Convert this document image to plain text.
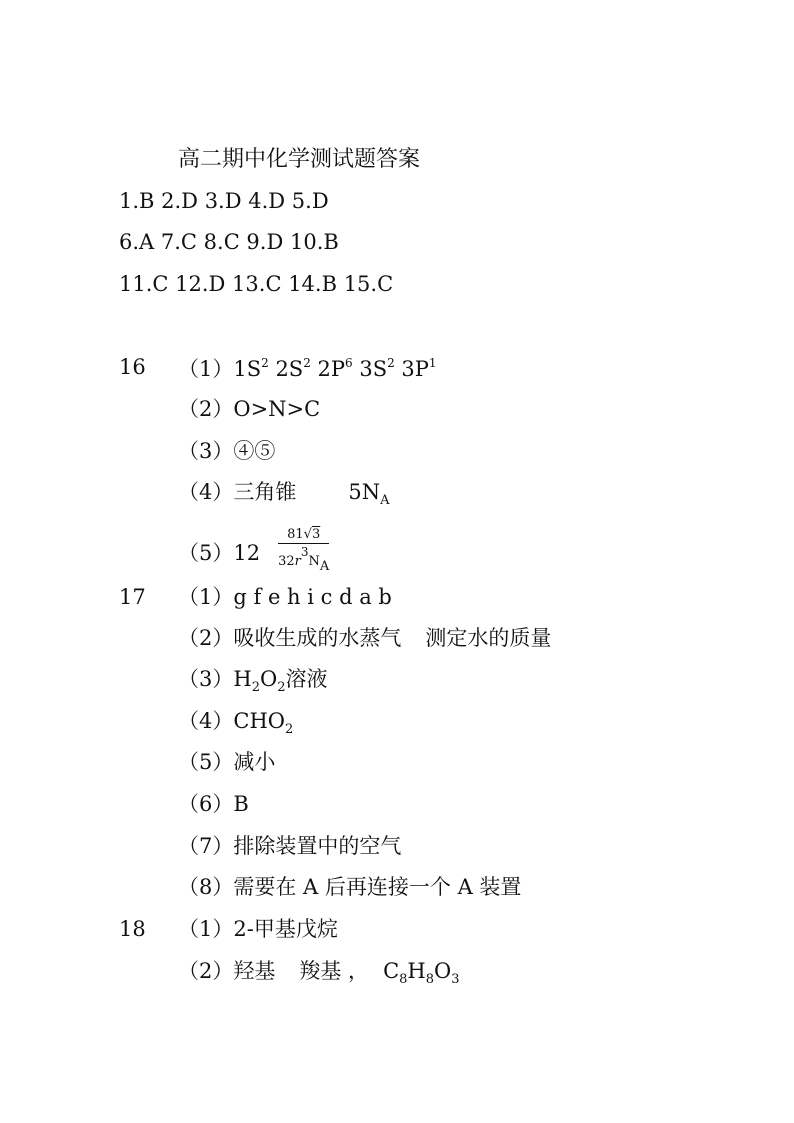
高二期中化学测试题答案
1.B 2.D 3.D 4.D 5.D
6.A 7.C 8.C 9.D 10.B
11.C 12.D 13.C 14.B 15.C
16 $(1)1S^2$ $2S^2$ $2P^6$ $3S^2$ $3P^1$
（2）O>N>C
（3）④⑤
（4）三角锥 $5N_A$
$(5)12 \frac{81√3}{32r^3N_A}$
17 （1）g f e h i c d a b
（2）吸收生成的水蒸气 测定水的质量
$(3)H_2O_2$溶液
$(4)CHO_2$
（5）减小
（6）B
（7）排除装置中的空气
（8）需要在 A 后再连接一个 A 装置
18 （1）2-甲基戊烷
（2）羟基 羧基 ， $C_8H_8O_3$
